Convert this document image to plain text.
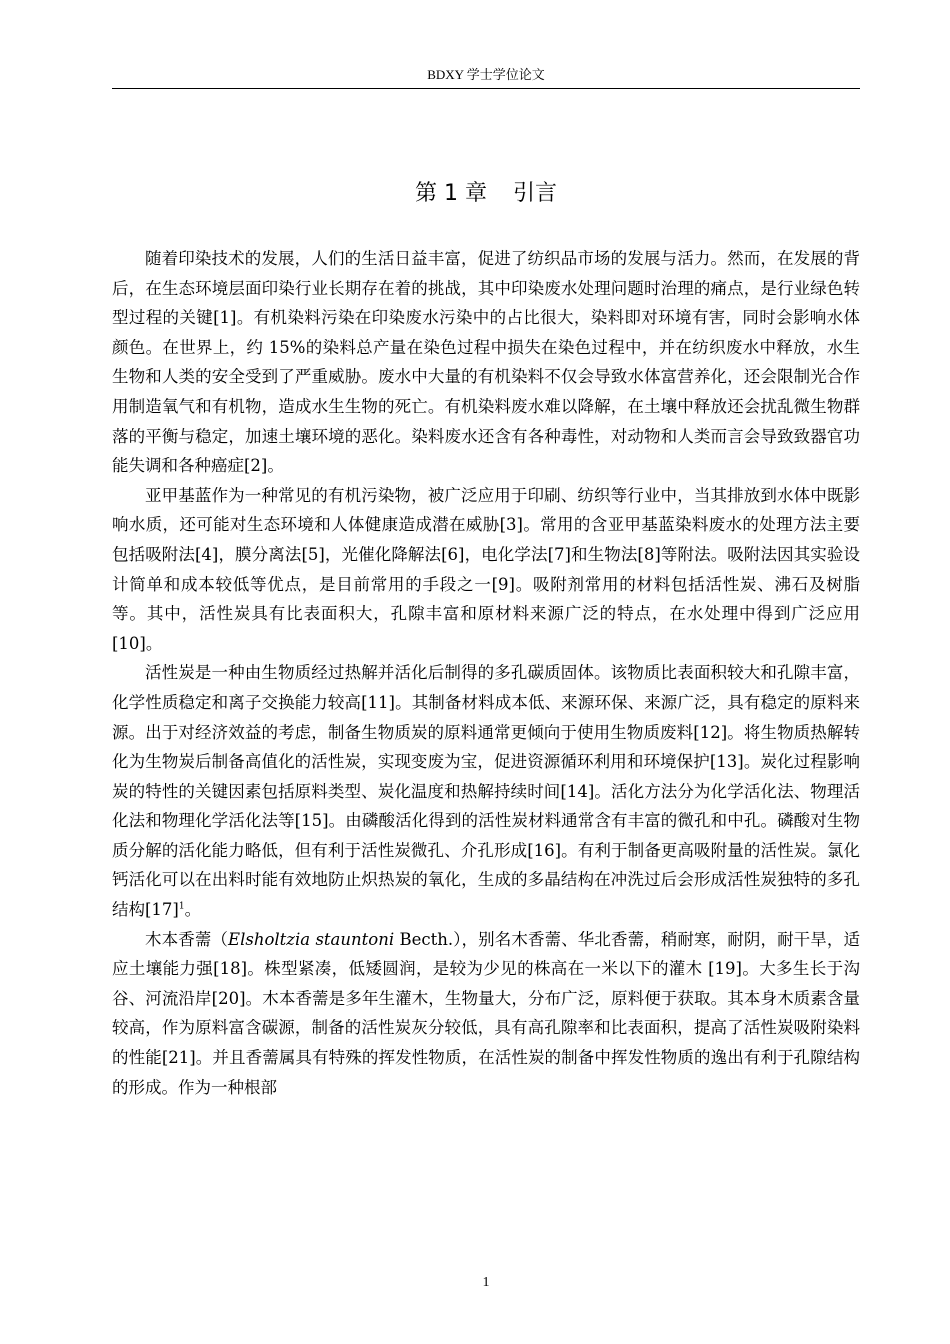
BDXY 学士学位论文
第 1 章 引言

随着印染技术的发展，人们的生活日益丰富，促进了纺织品市场的发展与活力。然而，在发展的背后，在生态环境层面印染行业长期存在着的挑战，其中印染废水处理问题时治理的痛点，是行业绿色转型过程的关键[1]。有机染料污染在印染废水污染中的占比很大，染料即对环境有害，同时会影响水体颜色。在世界上，约 15%的染料总产量在染色过程中损失在染色过程中，并在纺织废水中释放，水生生物和人类的安全受到了严重威胁。废水中大量的有机染料不仅会导致水体富营养化，还会限制光合作用制造氧气和有机物，造成水生生物的死亡。有机染料废水难以降解，在土壤中释放还会扰乱微生物群落的平衡与稳定，加速土壤环境的恶化。染料废水还含有各种毒性，对动物和人类而言会导致致器官功能失调和各种癌症[2]。

亚甲基蓝作为一种常见的有机污染物，被广泛应用于印刷、纺织等行业中，当其排放到水体中既影响水质，还可能对生态环境和人体健康造成潜在威胁[3]。常用的含亚甲基蓝染料废水的处理方法主要包括吸附法[4]，膜分离法[5]，光催化降解法[6]，电化学法[7]和生物法[8]等附法。吸附法因其实验设计简单和成本较低等优点，是目前常用的手段之一[9]。吸附剂常用的材料包括活性炭、沸石及树脂等。其中，活性炭具有比表面积大，孔隙丰富和原材料来源广泛的特点，在水处理中得到广泛应用[10]。

活性炭是一种由生物质经过热解并活化后制得的多孔碳质固体。该物质比表面积较大和孔隙丰富，化学性质稳定和离子交换能力较高[11]。其制备材料成本低、来源环保、来源广泛，具有稳定的原料来源。出于对经济效益的考虑，制备生物质炭的原料通常更倾向于使用生物质废料[12]。将生物质热解转化为生物炭后制备高值化的活性炭，实现变废为宝，促进资源循环利用和环境保护[13]。炭化过程影响炭的特性的关键因素包括原料类型、炭化温度和热解持续时间[14]。活化方法分为化学活化法、物理活化法和物理化学活化法等[15]。由磷酸活化得到的活性炭材料通常含有丰富的微孔和中孔。磷酸对生物质分解的活化能力略低，但有利于活性炭微孔、介孔形成[16]。有利于制备更高吸附量的活性炭。氯化钙活化可以在出料时能有效地防止炽热炭的氧化，生成的多晶结构在冲洗过后会形成活性炭独特的多孔结构[17]$^1$。

木本香薷（Elsholtzia stauntoni Becth.），别名木香薷、华北香薷，稍耐寒，耐阴，耐干旱，适应土壤能力强[18]。株型紧凑，低矮圆润，是较为少见的株高在一米以下的灌木 [19]。大多生长于沟谷、河流沿岸[20]。木本香薷是多年生灌木，生物量大，分布广泛，原料便于获取。其本身木质素含量较高，作为原料富含碳源，制备的活性炭灰分较低，具有高孔隙率和比表面积，提高了活性炭吸附染料的性能[21]。并且香薷属具有特殊的挥发性物质，在活性炭的制备中挥发性物质的逸出有利于孔隙结构的形成。作为一种根部

1
